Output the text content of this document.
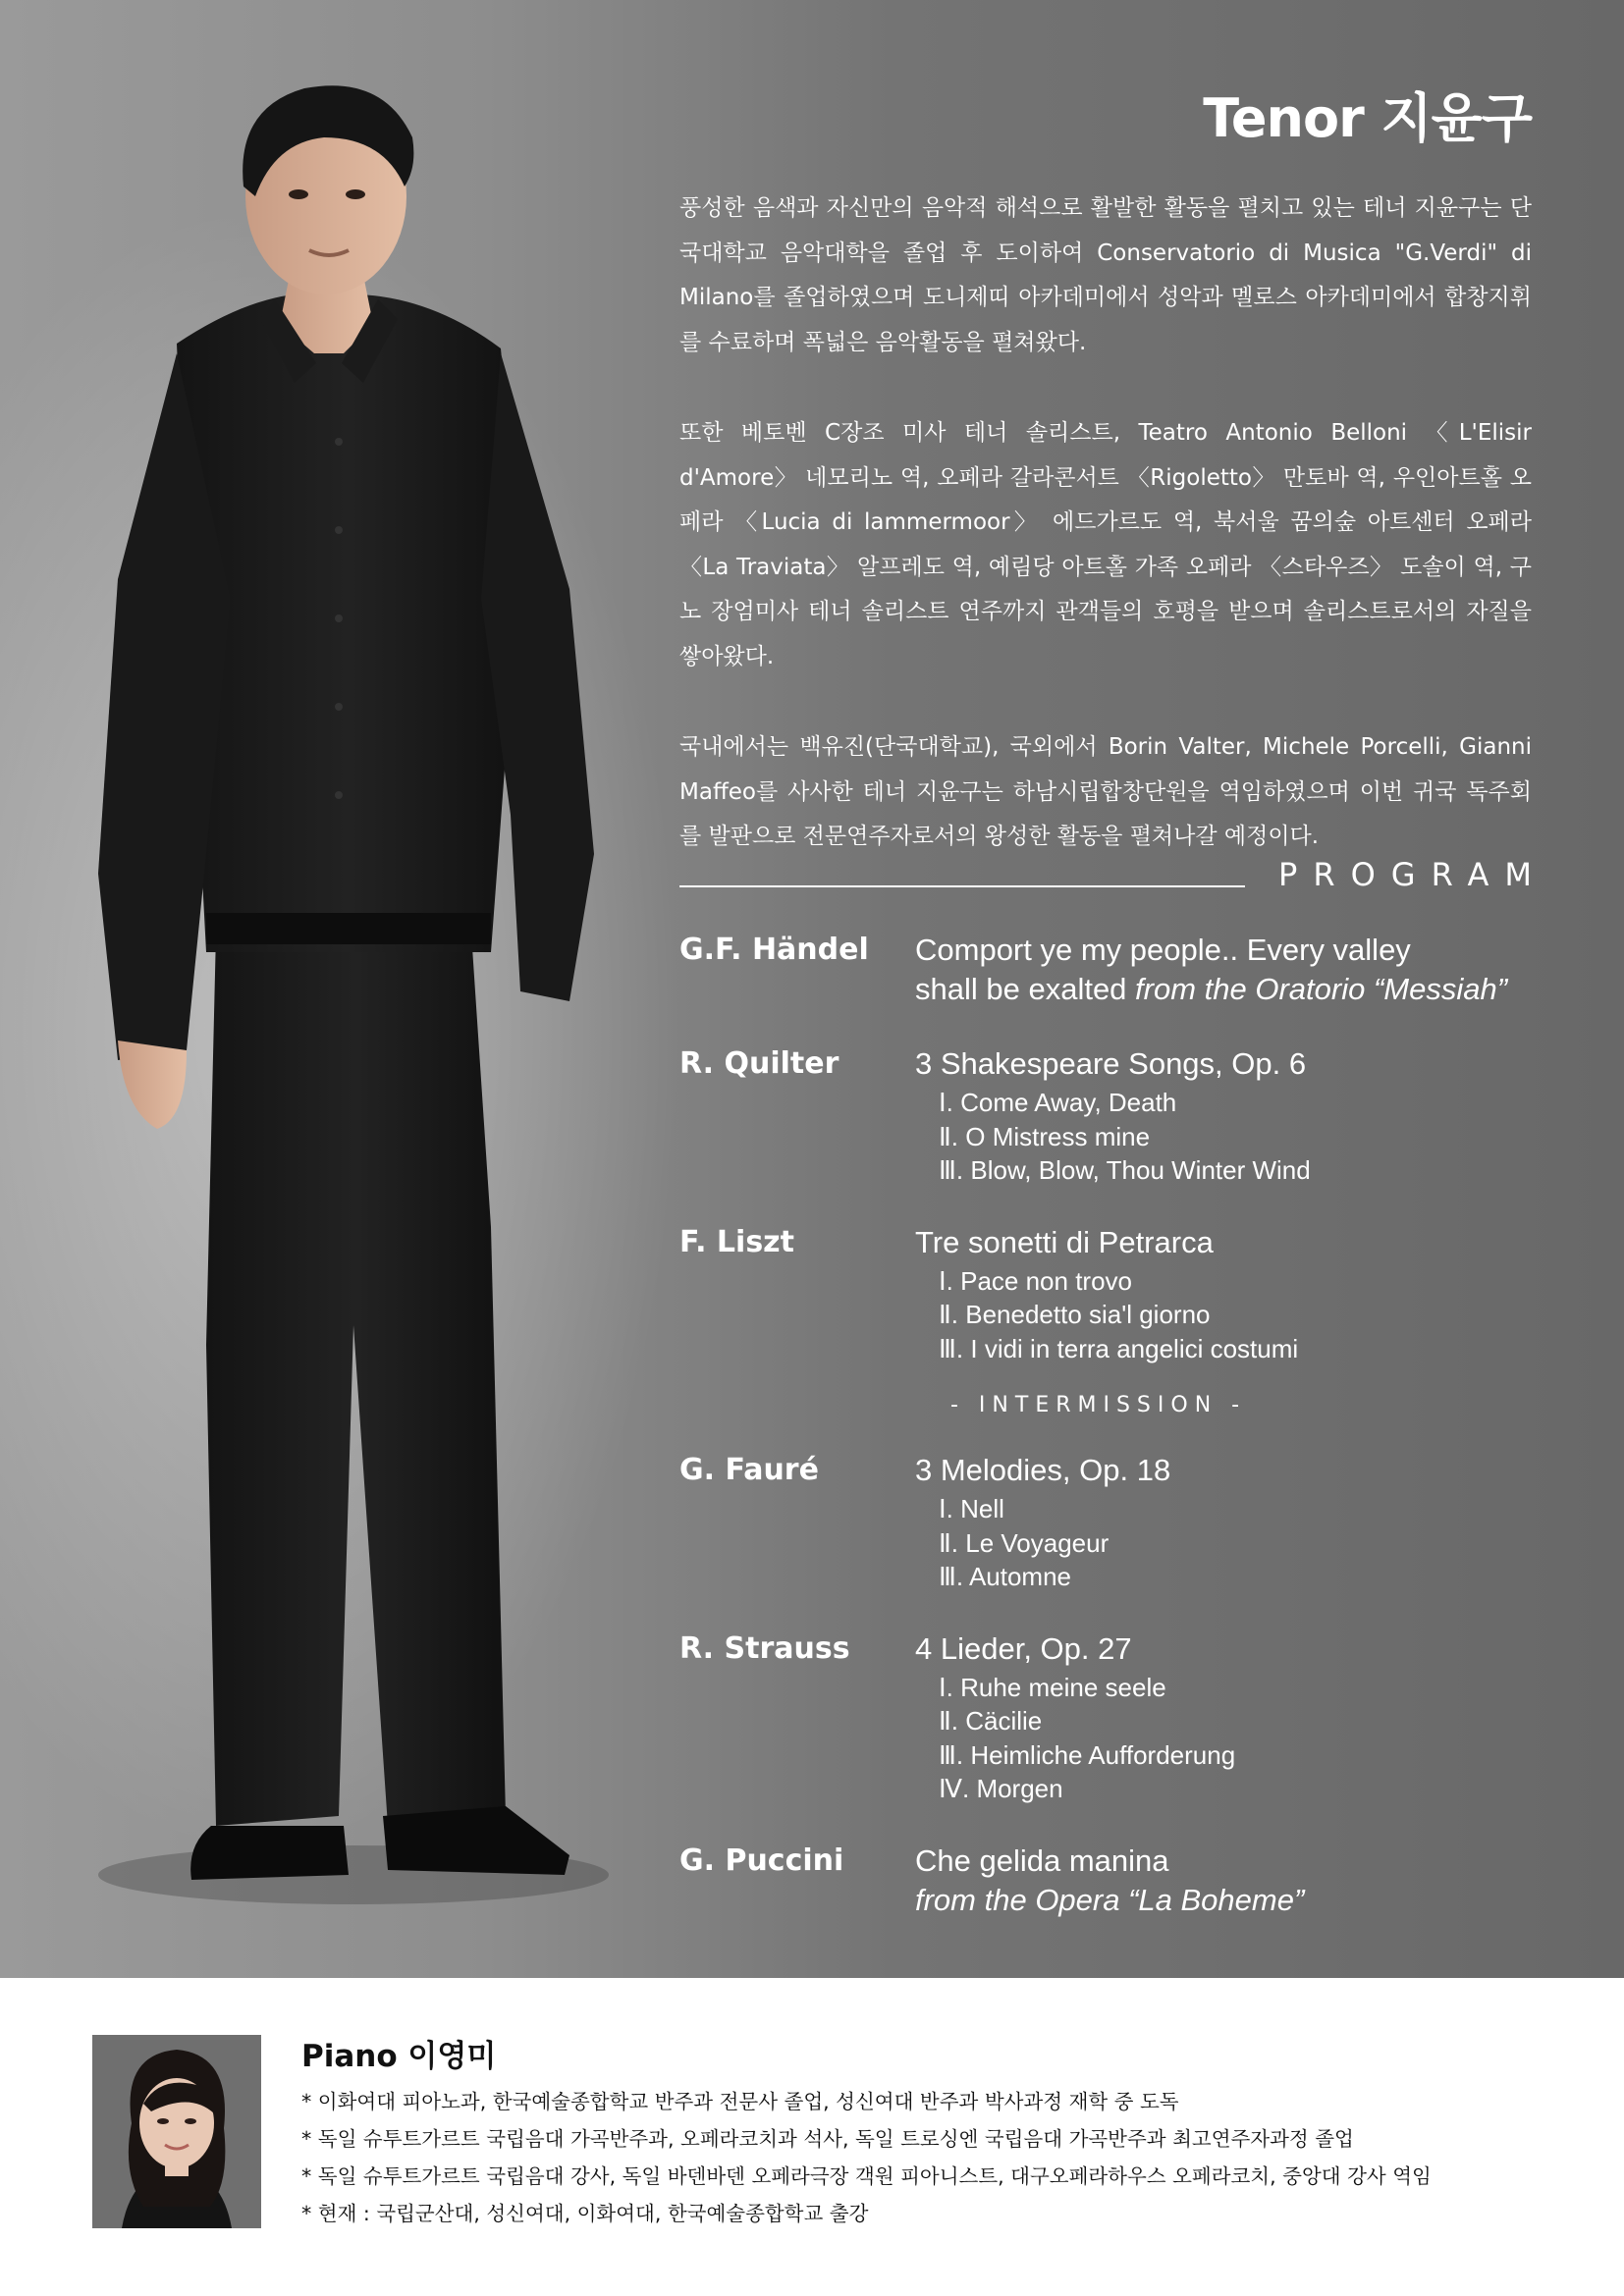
Tenor 지윤구

풍성한 음색과 자신만의 음악적 해석으로 활발한 활동을 펼치고 있는 테너 지윤구는 단국대학교 음악대학을 졸업 후 도이하여 Conservatorio di Musica "G.Verdi" di Milano를 졸업하였으며 도니제띠 아카데미에서 성악과 멜로스 아카데미에서 합창지휘를 수료하며 폭넓은 음악활동을 펼쳐왔다.

또한 베토벤 C장조 미사 테너 솔리스트, Teatro Antonio Belloni 〈L'Elisir d'Amore〉 네모리노 역, 오페라 갈라콘서트 〈Rigoletto〉 만토바 역, 우인아트홀 오페라 〈Lucia di lammermoor〉 에드가르도 역, 북서울 꿈의숲 아트센터 오페라 〈La Traviata〉 알프레도 역, 예림당 아트홀 가족 오페라 〈스타우즈〉 도솔이 역, 구노 장엄미사 테너 솔리스트 연주까지 관객들의 호평을 받으며 솔리스트로서의 자질을 쌓아왔다.

국내에서는 백유진(단국대학교), 국외에서 Borin Valter, Michele Porcelli, Gianni Maffeo를 사사한 테너 지윤구는 하남시립합창단원을 역임하였으며 이번 귀국 독주회를 발판으로 전문연주자로서의 왕성한 활동을 펼쳐나갈 예정이다.

PROGRAM
G.F. Händel	Comport ye my people.. Every valley
shall be exalted from the Oratorio “Messiah”
R. Quilter	3 Shakespeare Songs, Op. 6
Ⅰ. Come Away, Death
Ⅱ. O Mistress mine
Ⅲ. Blow, Blow, Thou Winter Wind
F. Liszt	Tre sonetti di Petrarca
Ⅰ. Pace non trovo
Ⅱ. Benedetto sia'l giorno
Ⅲ. I vidi in terra angelici costumi
- INTERMISSION -
G. Fauré	3 Melodies, Op. 18
Ⅰ. Nell
Ⅱ. Le Voyageur
Ⅲ. Automne
R. Strauss	4 Lieder, Op. 27
Ⅰ. Ruhe meine seele
Ⅱ. Cäcilie
Ⅲ. Heimliche Aufforderung
Ⅳ. Morgen
G. Puccini	Che gelida manina
from the Opera “La Boheme”
Piano 이영미
* 이화여대 피아노과, 한국예술종합학교 반주과 전문사 졸업, 성신여대 반주과 박사과정 재학 중 도독
* 독일 슈투트가르트 국립음대 가곡반주과, 오페라코치과 석사, 독일 트로싱엔 국립음대 가곡반주과 최고연주자과정 졸업
* 독일 슈투트가르트 국립음대 강사, 독일 바덴바덴 오페라극장 객원 피아니스트, 대구오페라하우스 오페라코치, 중앙대 강사 역임
* 현재 : 국립군산대, 성신여대, 이화여대, 한국예술종합학교 출강
